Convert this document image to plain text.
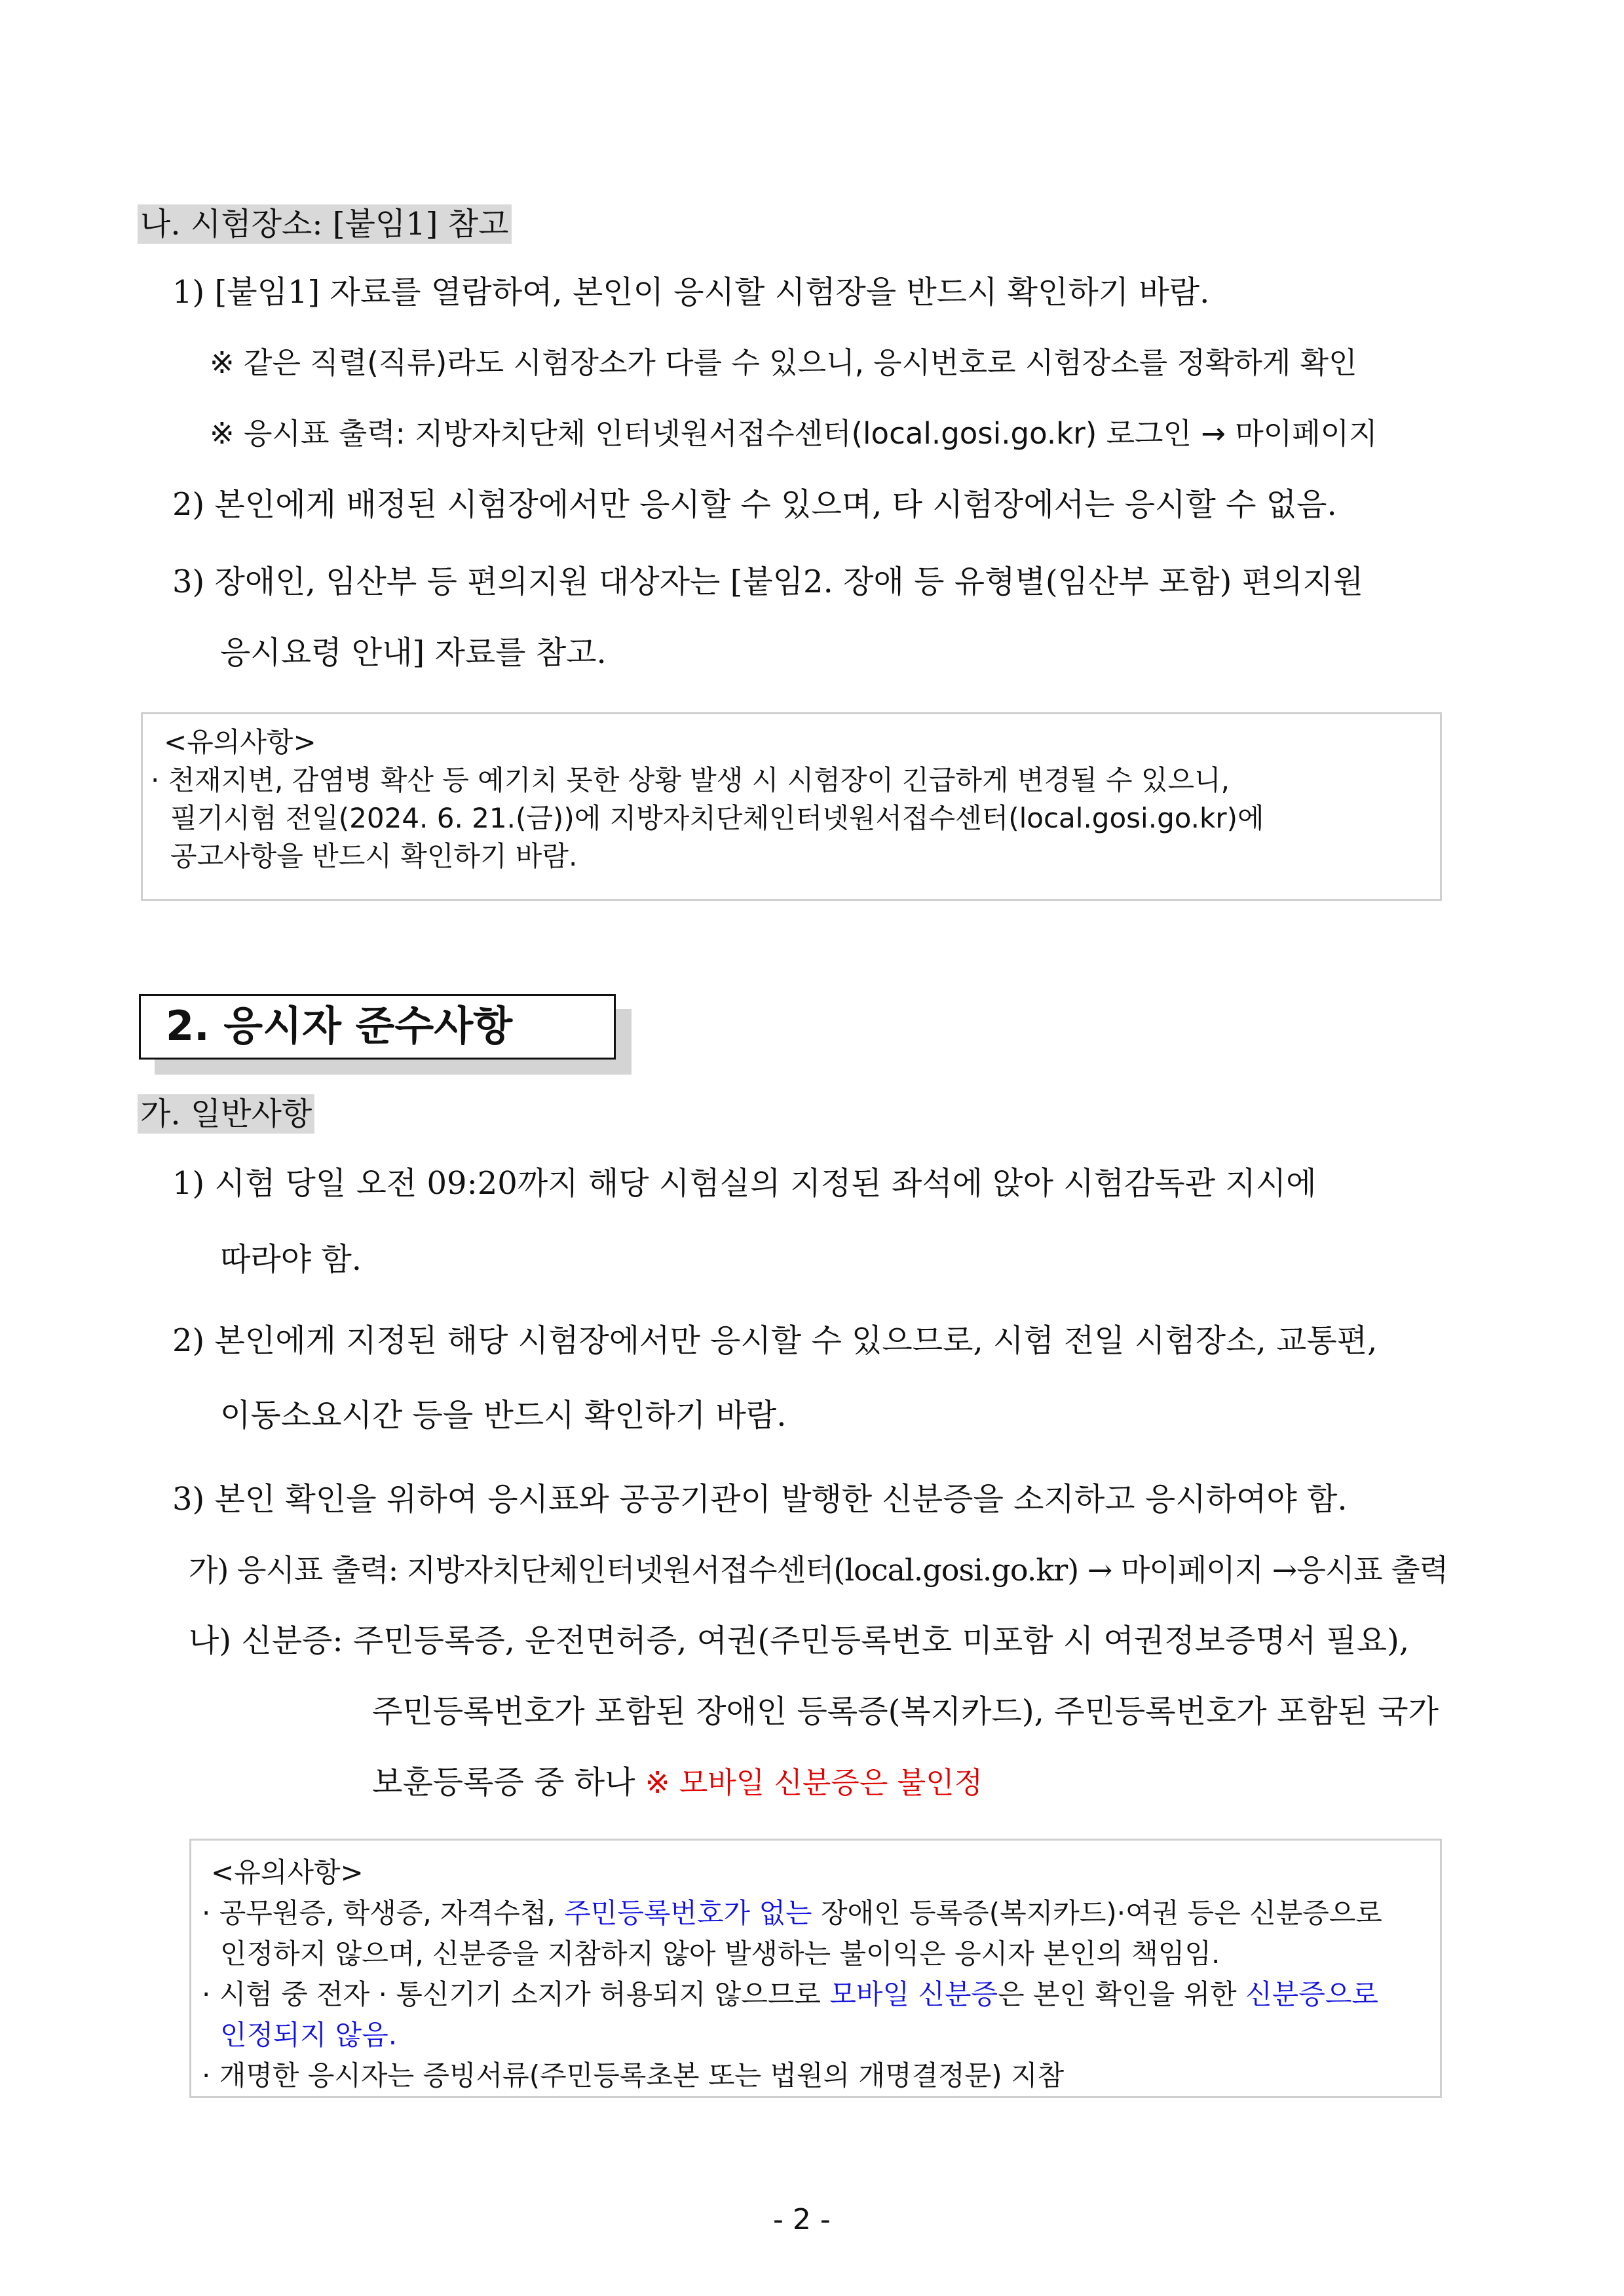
나. 시험장소: [붙임1] 참고
1) [붙임1] 자료를 열람하여, 본인이 응시할 시험장을 반드시 확인하기 바람.
※ 같은 직렬(직류)라도 시험장소가 다를 수 있으니, 응시번호로 시험장소를 정확하게 확인
※ 응시표 출력: 지방자치단체 인터넷원서접수센터(local.gosi.go.kr) 로그인 → 마이페이지
2) 본인에게 배정된 시험장에서만 응시할 수 있으며, 타 시험장에서는 응시할 수 없음.
3) 장애인, 임산부 등 편의지원 대상자는 [붙임2. 장애 등 유형별(임산부 포함) 편의지원
응시요령 안내] 자료를 참고.
<유의사항>
· 천재지변, 감염병 확산 등 예기치 못한 상황 발생 시 시험장이 긴급하게 변경될 수 있으니,
필기시험 전일(2024. 6. 21.(금))에 지방자치단체인터넷원서접수센터(local.gosi.go.kr)에
공고사항을 반드시 확인하기 바람.
2. 응시자 준수사항
가. 일반사항
1) 시험 당일 오전 09:20까지 해당 시험실의 지정된 좌석에 앉아 시험감독관 지시에
따라야 함.
2) 본인에게 지정된 해당 시험장에서만 응시할 수 있으므로, 시험 전일 시험장소, 교통편,
이동소요시간 등을 반드시 확인하기 바람.
3) 본인 확인을 위하여 응시표와 공공기관이 발행한 신분증을 소지하고 응시하여야 함.
가) 응시표 출력: 지방자치단체인터넷원서접수센터(local.gosi.go.kr) → 마이페이지 →응시표 출력
나) 신분증: 주민등록증, 운전면허증, 여권(주민등록번호 미포함 시 여권정보증명서 필요),
주민등록번호가 포함된 장애인 등록증(복지카드), 주민등록번호가 포함된 국가
보훈등록증 중 하나 ※ 모바일 신분증은 불인정
<유의사항>
· 공무원증, 학생증, 자격수첩, 주민등록번호가 없는 장애인 등록증(복지카드)·여권 등은 신분증으로
인정하지 않으며, 신분증을 지참하지 않아 발생하는 불이익은 응시자 본인의 책임임.
· 시험 중 전자 · 통신기기 소지가 허용되지 않으므로 모바일 신분증은 본인 확인을 위한 신분증으로
인정되지 않음.
· 개명한 응시자는 증빙서류(주민등록초본 또는 법원의 개명결정문) 지참
- 2 -
